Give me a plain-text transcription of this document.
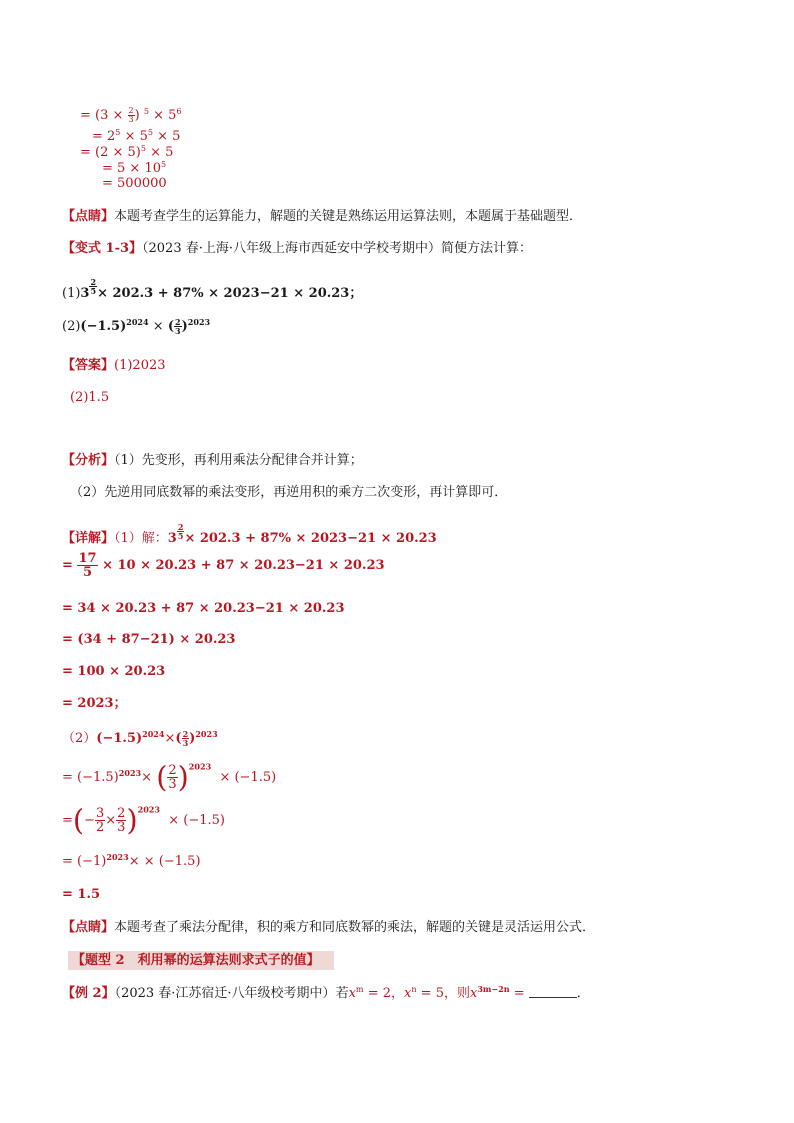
= ($3 \times \frac{2}{3}$ ) $^5 \times 5^6$
= $2^5 \times 5^5 \times 5$
= $(2 \times 5)^5 \times 5$
= $5 \times 10^5$
= 500000
【点睛】本题考查学生的运算能力，解题的关键是熟练运用运算法则，本题属于基础题型．
【变式 1-3】（2023 春·上海·八年级上海市西延安中学校考期中）简便方法计算：
$(1)3 \frac{2}{5} \times 202.3 + 87\% \times 2023-21 \times 20.23$；
$(2)(-1.5)^{2024}$ × ( $\frac{2}{3} )^{2023}$
【答案】(1)2023
(2)1.5
【分析】（1）先变形，再利用乘法分配律合并计算；
（2）先逆用同底数幂的乘法变形，再逆用积的乘方二次变形，再计算即可．
【详解】（1）解：$3 \frac{2}{5} \times 202.3 + 87\% \times 2023-21 \times 20.23$
= $\frac{17}{5} \times 10 \times 20.23 + 87 \times 20.23-21 \times 20.23$
= 34 × 20.23 + 87 × 20.23−21 × 20.23
= (34 + 87−21) × 20.23
= 100 × 20.23
= 2023；
$(2)(-1.5)^{2024}\times( \frac{2}{3} )^{2023}$
= $(-1.5)^{2023}\times$ ( $\frac{2}{3} )^{2023} \times (-1.5)$
=(− $\frac{3}{2} \times \frac{2}{3} )^{2023} \times (-1.5)$
= $(-1)^{2023}\times \times (-1.5)$
= 1.5
【点睛】本题考查了乘法分配律，积的乘方和同底数幂的乘法，解题的关键是灵活运用公式．
【题型 2　利用幂的运算法则求式子的值】
【例 2】（2023 春·江苏宿迁·八年级校考期中）若$x^m = 2$，$x^n = 5$，则$x^{3m-2n}$ =	．
